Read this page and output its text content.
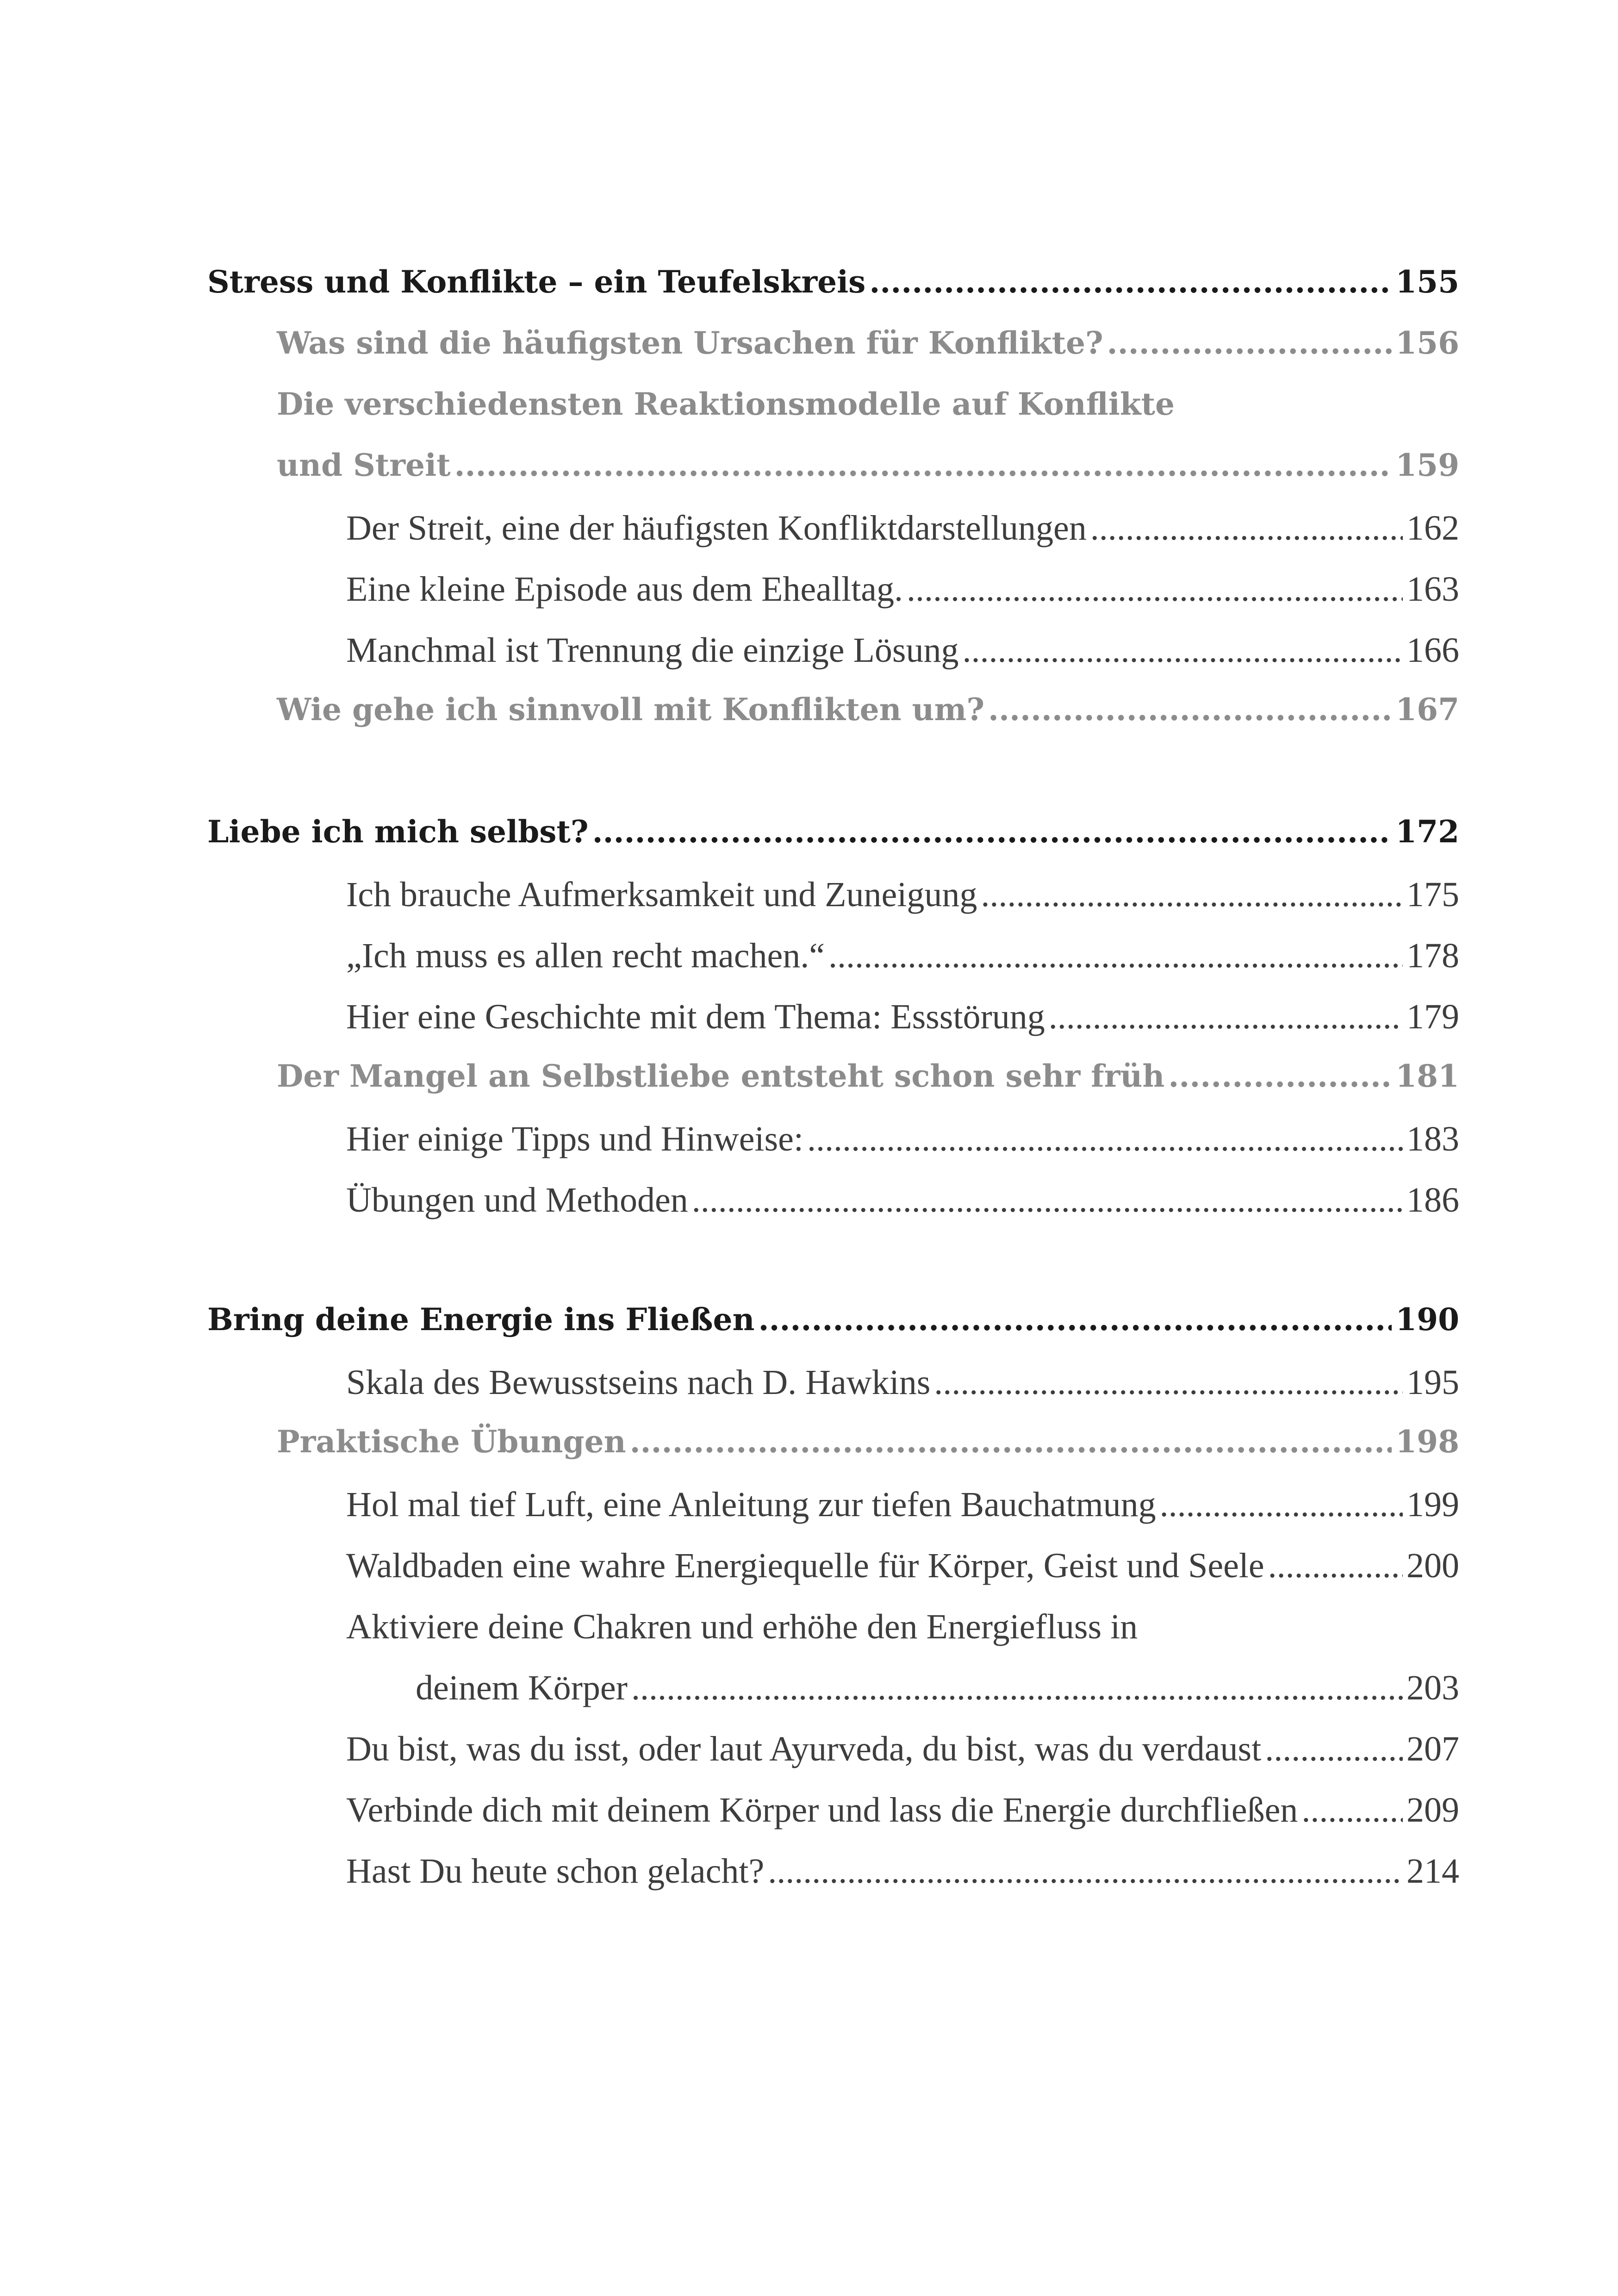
Stress und Konflikte – ein Teufelskreis .....	155
Was sind die häufigsten Ursachen für Konflikte? .....	156
Die verschiedensten Reaktionsmodelle auf Konflikte
und Streit .....	159
Der Streit, eine der häufigsten Konfliktdarstellungen .....	162
Eine kleine Episode aus dem Ehealltag. .....	163
Manchmal ist Trennung die einzige Lösung .....	166
Wie gehe ich sinnvoll mit Konflikten um? .....	167
Liebe ich mich selbst? .....	172
Ich brauche Aufmerksamkeit und Zuneigung .....	175
„Ich muss es allen recht machen.“ .....	178
Hier eine Geschichte mit dem Thema: Essstörung .....	179
Der Mangel an Selbstliebe entsteht schon sehr früh .....	181
Hier einige Tipps und Hinweise: .....	183
Übungen und Methoden .....	186
Bring deine Energie ins Fließen .....	190
Skala des Bewusstseins nach D. Hawkins .....	195
Praktische Übungen .....	198
Hol mal tief Luft, eine Anleitung zur tiefen Bauchatmung .....	199
Waldbaden eine wahre Energiequelle für Körper, Geist und Seele .....	200
Aktiviere deine Chakren und erhöhe den Energiefluss in
deinem Körper .....	203
Du bist, was du isst, oder laut Ayurveda, du bist, was du verdaust .....	207
Verbinde dich mit deinem Körper und lass die Energie durchfließen .....	209
Hast Du heute schon gelacht? .....	214
